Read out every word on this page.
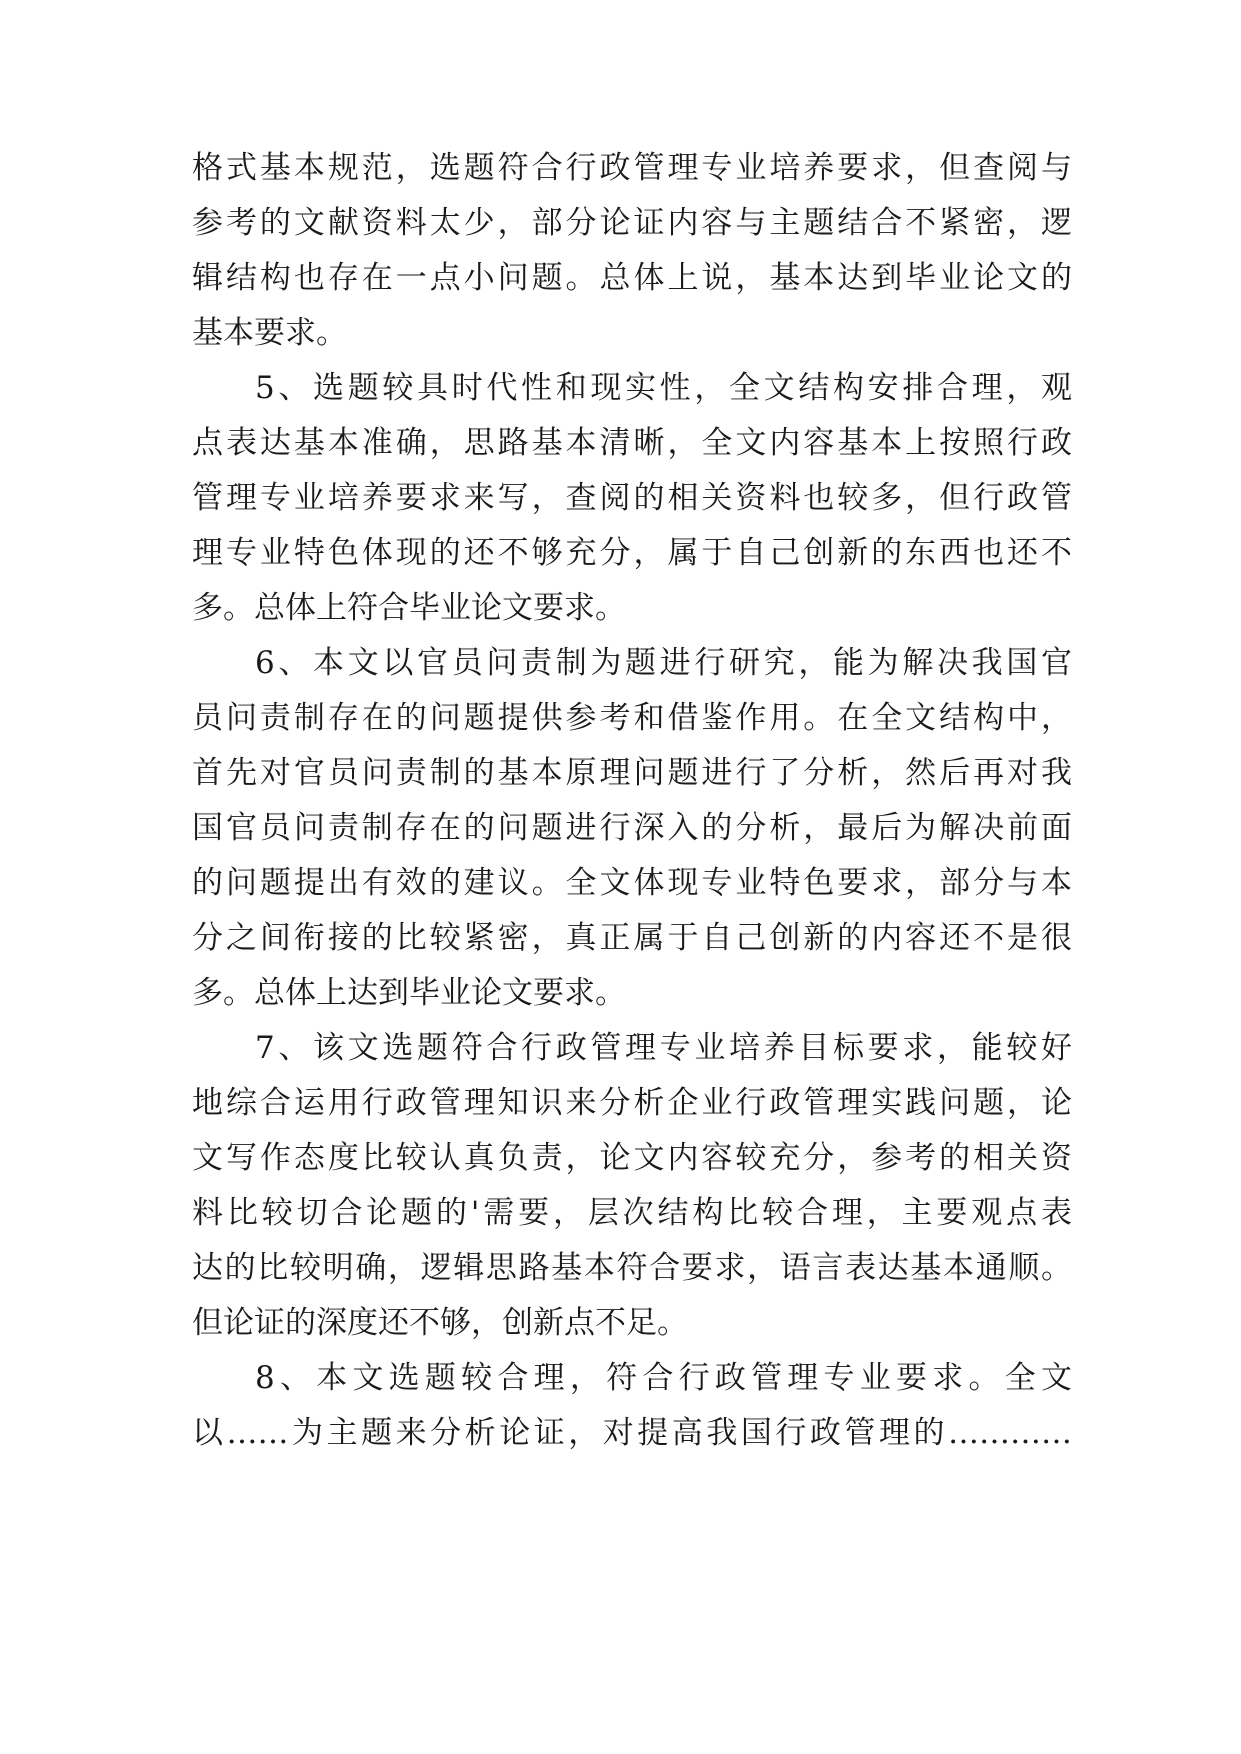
格式基本规范，选题符合行政管理专业培养要求，但查阅与
参考的文献资料太少，部分论证内容与主题结合不紧密，逻
辑结构也存在一点小问题。总体上说，基本达到毕业论文的
基本要求。
5、选题较具时代性和现实性，全文结构安排合理，观
点表达基本准确，思路基本清晰，全文内容基本上按照行政
管理专业培养要求来写，查阅的相关资料也较多，但行政管
理专业特色体现的还不够充分，属于自己创新的东西也还不
多。总体上符合毕业论文要求。
6、本文以官员问责制为题进行研究，能为解决我国官
员问责制存在的问题提供参考和借鉴作用。在全文结构中，
首先对官员问责制的基本原理问题进行了分析，然后再对我
国官员问责制存在的问题进行深入的分析，最后为解决前面
的问题提出有效的建议。全文体现专业特色要求，部分与本
分之间衔接的比较紧密，真正属于自己创新的内容还不是很
多。总体上达到毕业论文要求。
7、该文选题符合行政管理专业培养目标要求，能较好
地综合运用行政管理知识来分析企业行政管理实践问题，论
文写作态度比较认真负责，论文内容较充分，参考的相关资
料比较切合论题的'需要，层次结构比较合理，主要观点表
达的比较明确，逻辑思路基本符合要求，语言表达基本通顺。
但论证的深度还不够，创新点不足。
8、本文选题较合理，符合行政管理专业要求。全文
以……为主题来分析论证，对提高我国行政管理的…………
